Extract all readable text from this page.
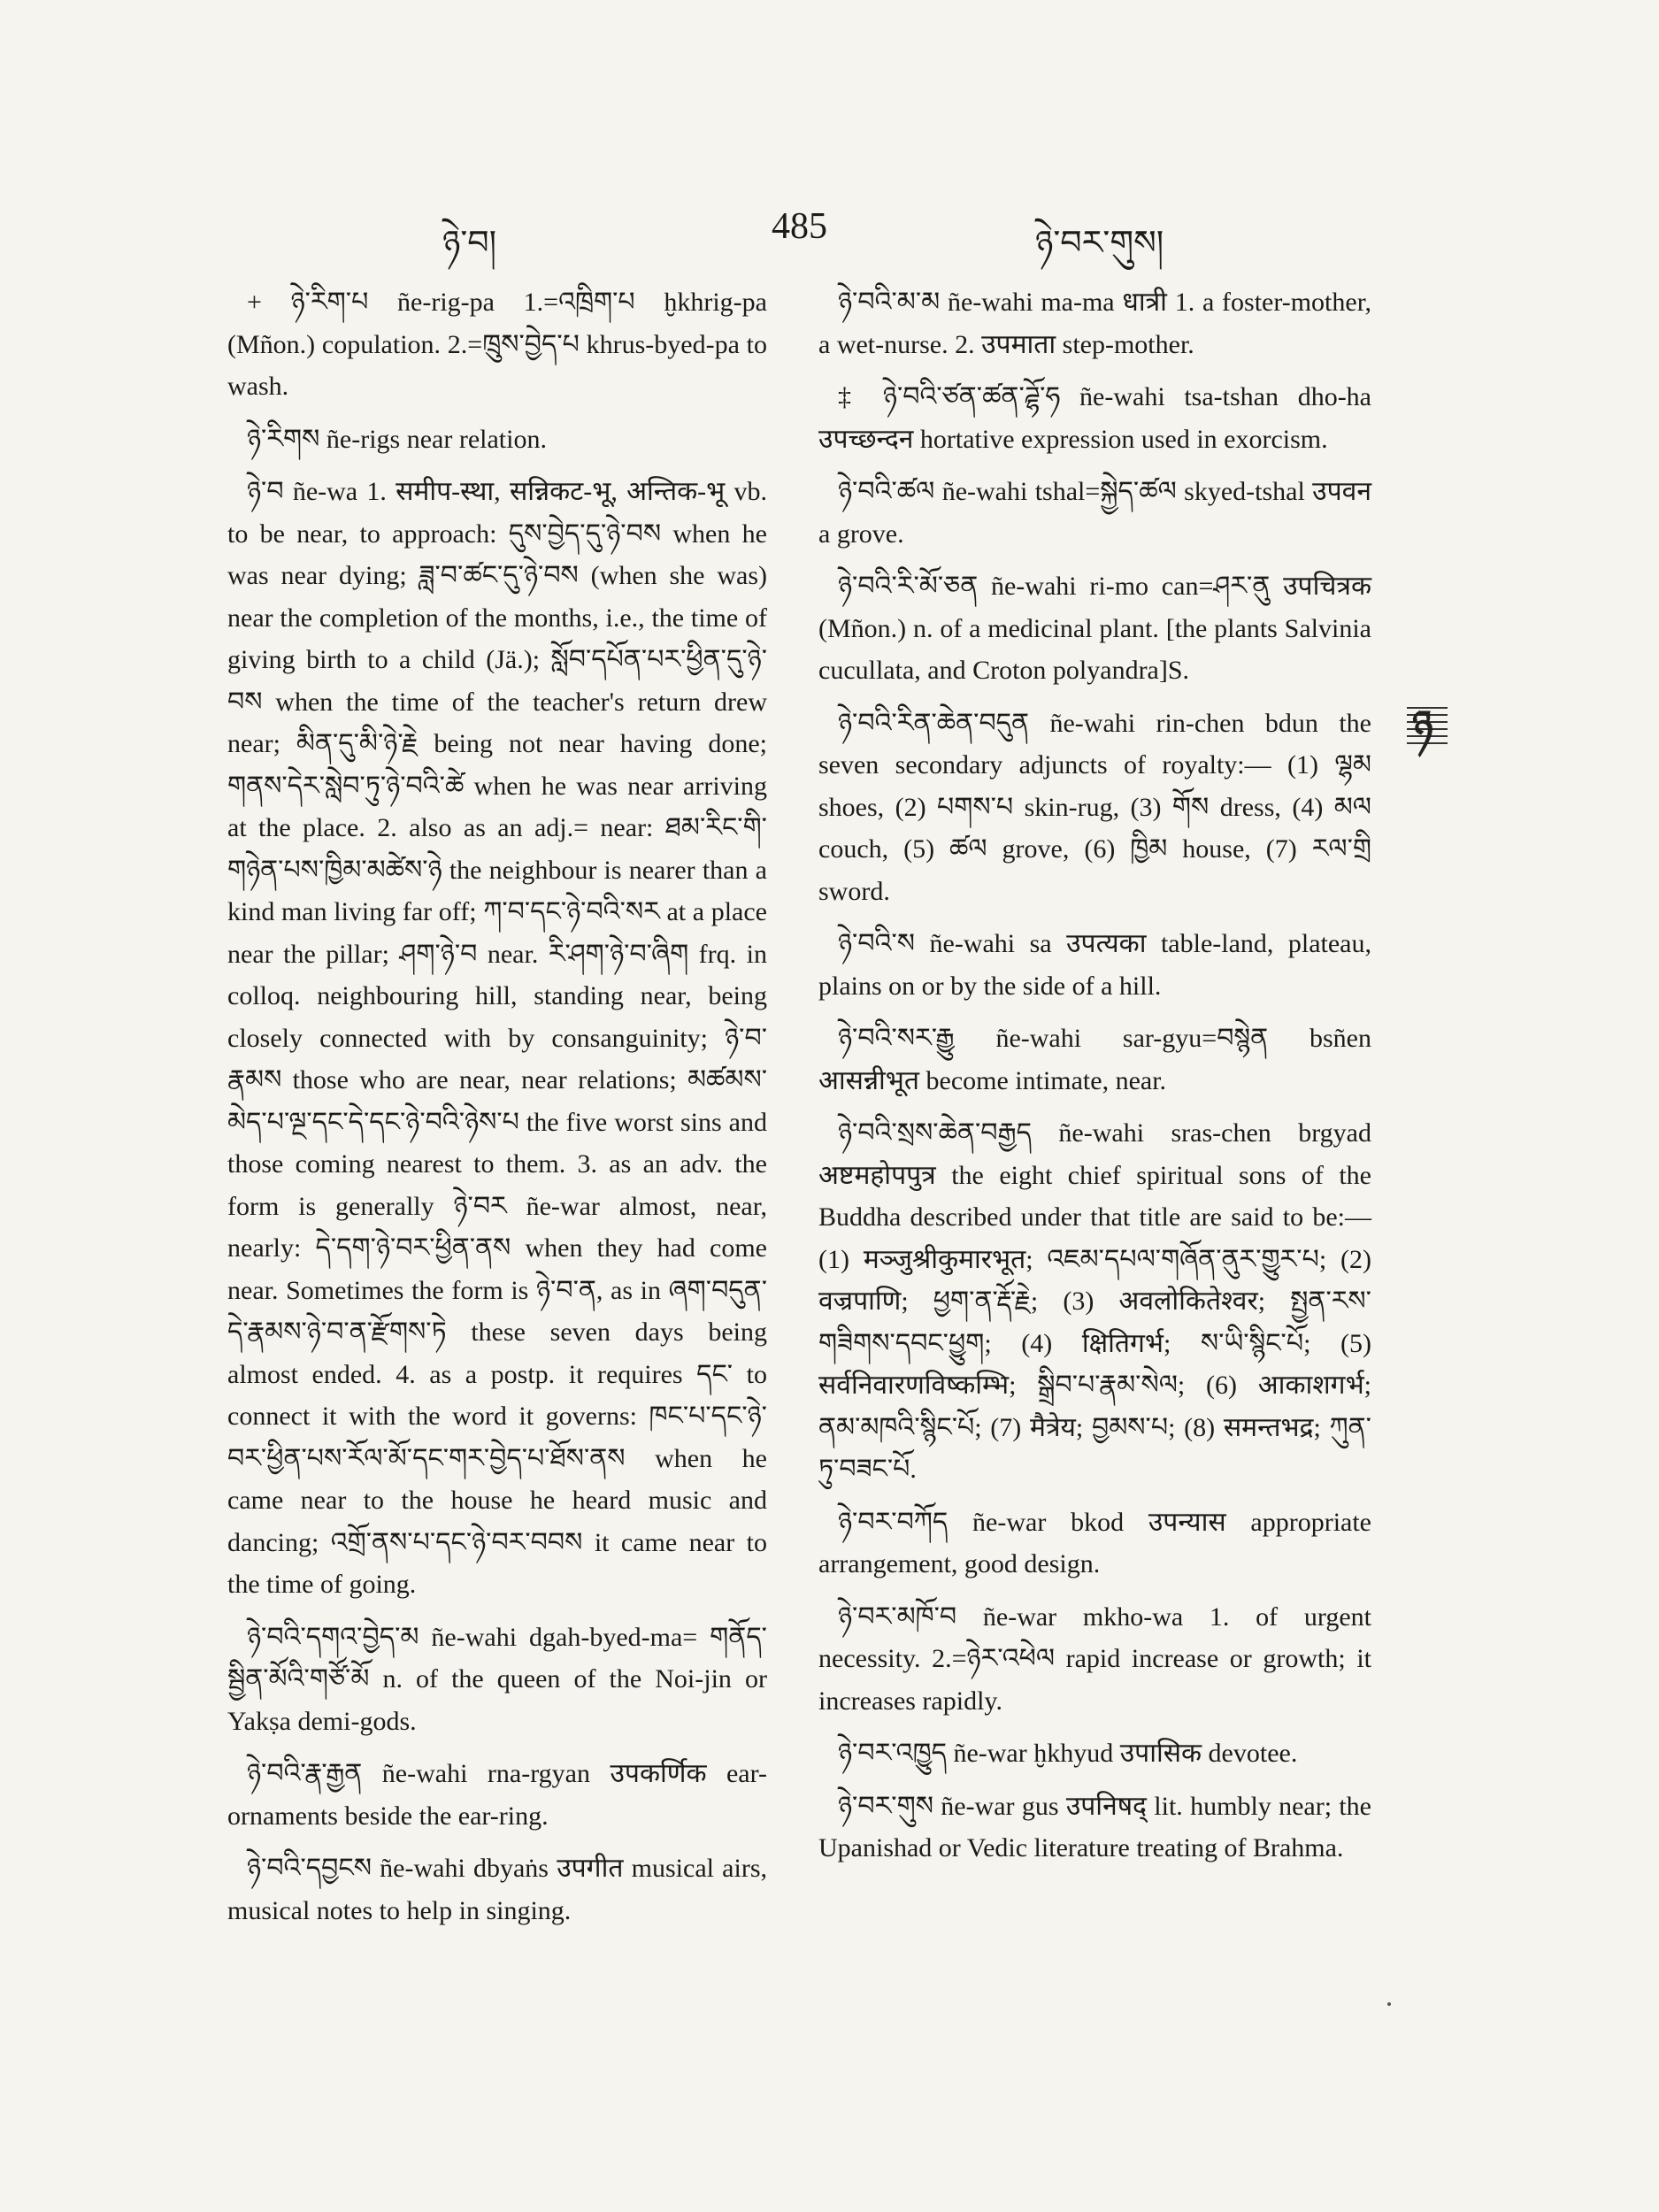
ཉེ་བ།	485	ཉེ་བར་གུས།

+ ཉེ་རིག་པ ñe-rig-pa 1.=འཁྲིག་པ ḫkhrig-pa (Mñon.) copulation. 2.=ཁྲུས་བྱེད་པ khrus-byed-pa to wash.

ཉེ་རིགས ñe-rigs near relation.

ཉེ་བ ñe-wa 1. समीप-स्था, सन्निकट-भू, अन्तिक-भू vb. to be near, to approach: དུས་བྱེད་དུ་ཉེ་བས when he was near dying; ཟླ་བ་ཚང་དུ་ཉེ་བས (when she was) near the completion of the months, i.e., the time of giving birth to a child (Jä.); སློབ་དཔོན་པར་ཕྱིན་དུ་ཉེ་བས when the time of the teacher's return drew near; མིན་དུ་མི་ཉེ་རྗེ being not near having done; གནས་དེར་སླེབ་ཏུ་ཉེ་བའི་ཚེ when he was near arriving at the place. 2. also as an adj.= near: ཐམ་རིང་གི་གཉེན་པས་ཁྱིམ་མཚེས་ཉེ the neighbour is nearer than a kind man living far off; ཀ་བ་དང་ཉེ་བའི་སར at a place near the pillar; ཤག་ཉེ་བ near. རི་ཤག་ཉེ་བ་ཞིག frq. in colloq. neighbouring hill, standing near, being closely connected with by consanguinity; ཉེ་བ་རྣམས those who are near, near relations; མཚམས་མེད་པ་ལྔ་དང་དེ་དང་ཉེ་བའི་ཉེས་པ the five worst sins and those coming nearest to them. 3. as an adv. the form is generally ཉེ་བར ñe-war almost, near, nearly: དེ་དག་ཉེ་བར་ཕྱིན་ནས when they had come near. Sometimes the form is ཉེ་བ་ན, as in ཞག་བདུན་དེ་རྣམས་ཉེ་བ་ན་རྫོགས་ཏེ these seven days being almost ended. 4. as a postp. it requires དང་ to connect it with the word it governs: ཁང་པ་དང་ཉེ་བར་ཕྱིན་པས་རོལ་མོ་དང་གར་བྱེད་པ་ཐོས་ནས when he came near to the house he heard music and dancing; འགྲོ་ནས་པ་དང་ཉེ་བར་བབས it came near to the time of going.

ཉེ་བའི་དགའ་བྱེད་མ ñe-wahi dgah-byed-ma= གནོད་སྦྱིན་མོའི་གཙོ་མོ n. of the queen of the Noi-jin or Yakṣa demi-gods.

ཉེ་བའི་རྣ་རྒྱན ñe-wahi rna-rgyan उपकर्णिक ear-ornaments beside the ear-ring.

ཉེ་བའི་དབྱངས ñe-wahi dbyaṅs उपगीत musical airs, musical notes to help in singing.

ཉེ་བའི་མ་མ ñe-wahi ma-ma धात्री 1. a foster-mother, a wet-nurse. 2. उपमाता step-mother.

‡ ཉེ་བའི་ཙན་ཚན་ཌྷོ་ཧ ñe-wahi tsa-tshan dho-ha उपच्छन्दन hortative expression used in exorcism.

ཉེ་བའི་ཚལ ñe-wahi tshal=སྐྱེད་ཚལ skyed-tshal उपवन a grove.

ཉེ་བའི་རི་མོ་ཅན ñe-wahi ri-mo can=ཤར་ནུ उपचित्रक (Mñon.) n. of a medicinal plant. [the plants Salvinia cucullata, and Croton polyandra]S.

ཉེ་བའི་རིན་ཆེན་བདུན ñe-wahi rin-chen bdun the seven secondary adjuncts of royalty:— (1) ལྷམ shoes, (2) པགས་པ skin-rug, (3) གོས dress, (4) མལ couch, (5) ཚལ grove, (6) ཁྱིམ house, (7) རལ་གྲི sword.

ཉེ་བའི་ས ñe-wahi sa उपत्यका table-land, plateau, plains on or by the side of a hill.

ཉེ་བའི་སར་རྒྱུ ñe-wahi sar-gyu=བསྙེན bsñen आसन्नीभूत become intimate, near.

ཉེ་བའི་སྲས་ཆེན་བརྒྱད ñe-wahi sras-chen brgyad अष्टमहोपपुत्र the eight chief spiritual sons of the Buddha described under that title are said to be:—(1) मञ्जुश्रीकुमारभूत; འཇམ་དཔལ་གཞོན་ནུར་གྱུར་པ; (2) वज्रपाणि; ཕྱག་ན་རྡོ་རྗེ; (3) अवलोकितेश्वर; སྤྱན་རས་གཟིགས་དབང་ཕྱུག; (4) क्षितिगर्भ; ས་ཡི་སྙིང་པོ; (5) सर्वनिवारणविष्कम्भि; སྒྲིབ་པ་རྣམ་སེལ; (6) आकाशगर्भ; ནམ་མཁའི་སྙིང་པོ; (7) मैत्रेय; བྱམས་པ; (8) समन्तभद्र; ཀུན་ཏུ་བཟང་པོ.

ཉེ་བར་བཀོད ñe-war bkod उपन्यास appropriate arrangement, good design.

ཉེ་བར་མཁོ་བ ñe-war mkho-wa 1. of urgent necessity. 2.=ཉེར་འཕེལ rapid increase or growth; it increases rapidly.

ཉེ་བར་འཁྱུད ñe-war ḫkhyud उपासिक devotee.

ཉེ་བར་གུས ñe-war gus उपनिषद् lit. humbly near; the Upanishad or Vedic literature treating of Brahma.

ཉ
